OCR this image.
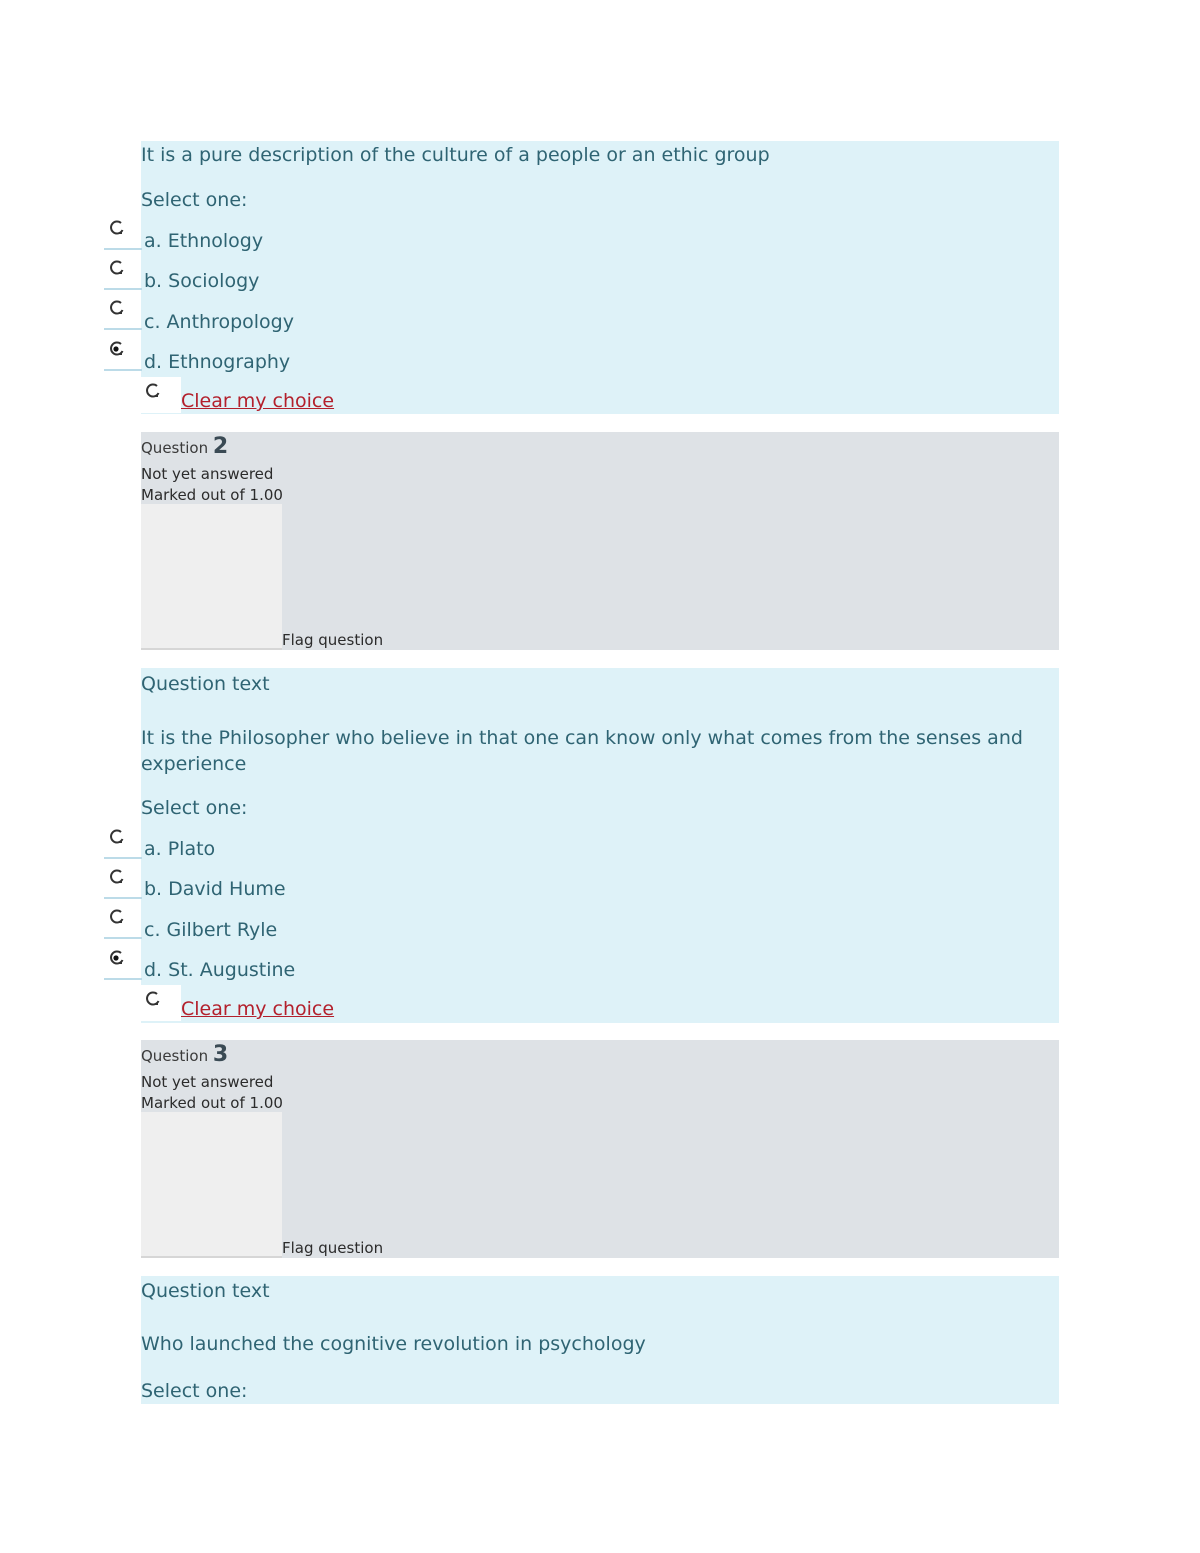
It is a pure description of the culture of a people or an ethic group
Select one:
a. Ethnology
b. Sociology
c. Anthropology
d. Ethnography
Clear my choice
Question 2
Not yet answered
Marked out of 1.00
Flag question
Question text
It is the Philosopher who believe in that one can know only what comes from the senses and experience
Select one:
a. Plato
b. David Hume
c. Gilbert Ryle
d. St. Augustine
Clear my choice
Question 3
Not yet answered
Marked out of 1.00
Flag question
Question text
Who launched the cognitive revolution in psychology
Select one:
